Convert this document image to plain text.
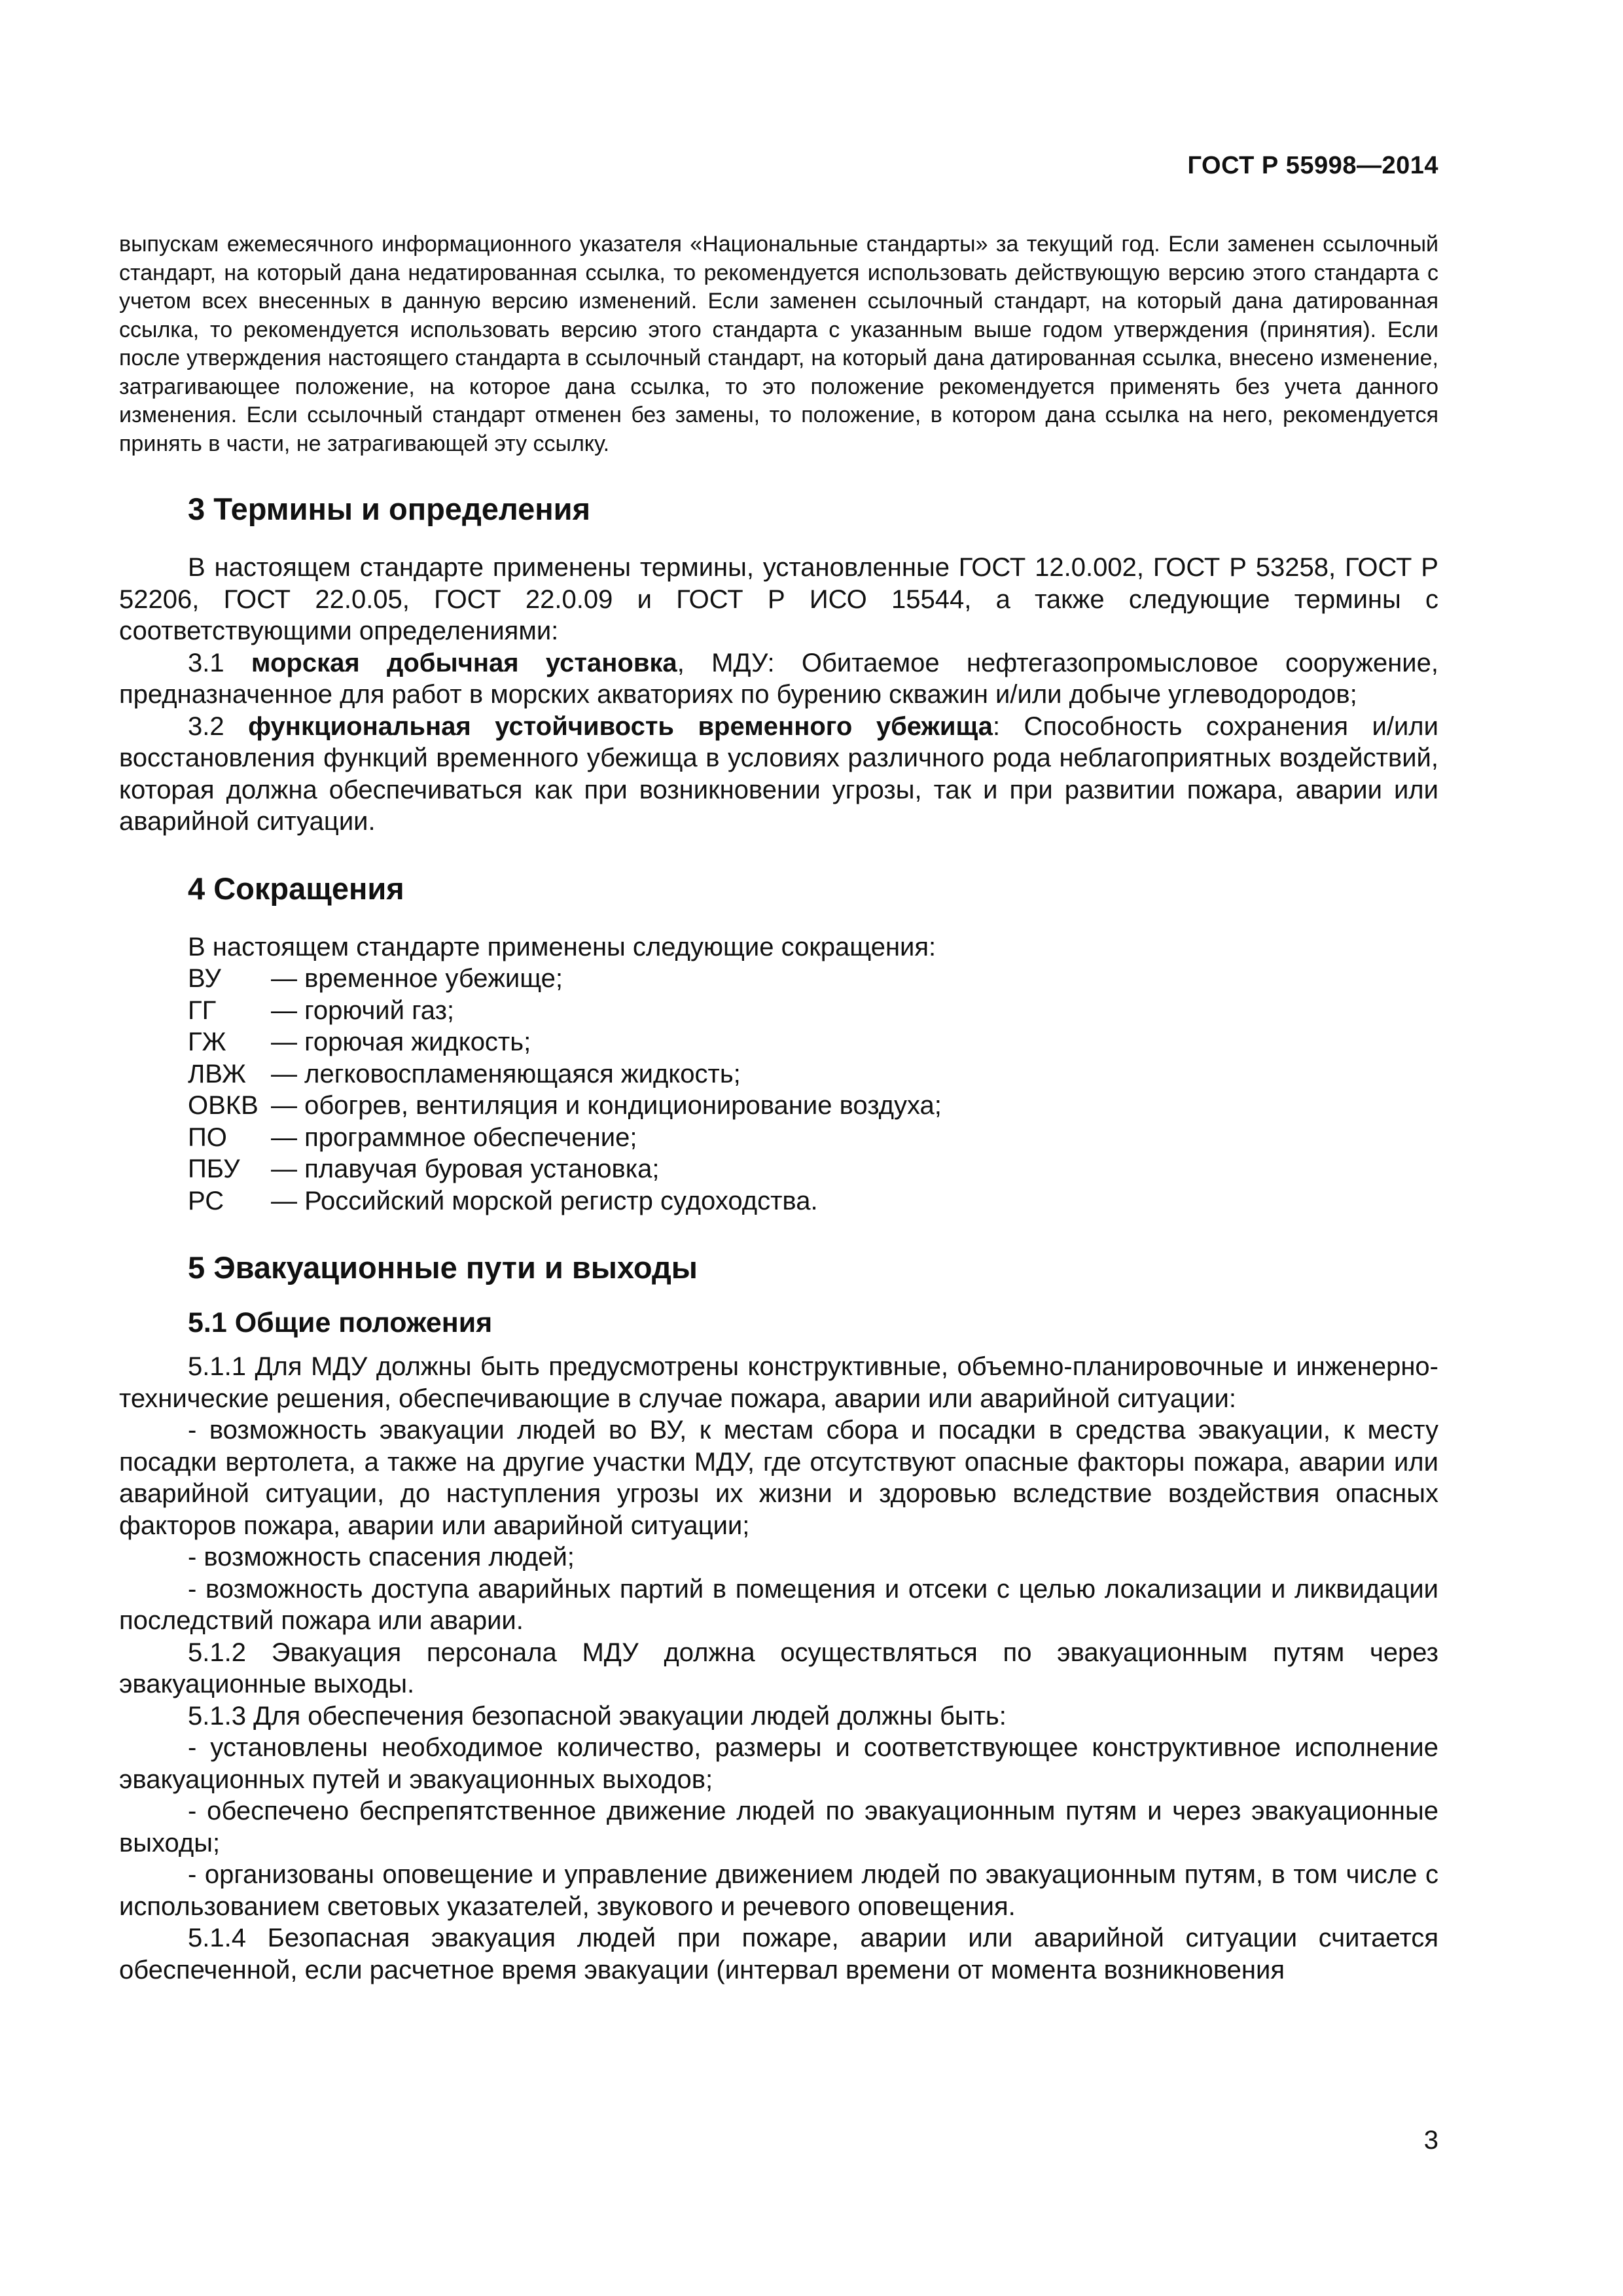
ГОСТ Р 55998—2014

выпускам ежемесячного информационного указателя «Национальные стандарты» за текущий год. Если заменен ссылочный стандарт, на который дана недатированная ссылка, то рекомендуется использовать действующую версию этого стандарта с учетом всех внесенных в данную версию изменений. Если заменен ссылочный стандарт, на который дана датированная ссылка, то рекомендуется использовать версию этого стандарта с указанным выше годом утверждения (принятия). Если после утверждения настоящего стандарта в ссылочный стандарт, на который дана датированная ссылка, внесено изменение, затрагивающее положение, на которое дана ссылка, то это положение рекомендуется применять без учета данного изменения. Если ссылочный стандарт отменен без замены, то положение, в котором дана ссылка на него, рекомендуется принять в части, не затрагивающей эту ссылку.

3 Термины и определения

В настоящем стандарте применены термины, установленные ГОСТ 12.0.002, ГОСТ Р 53258, ГОСТ Р 52206, ГОСТ 22.0.05, ГОСТ 22.0.09 и ГОСТ Р ИСО 15544, а также следующие термины с соответствующими определениями:

3.1 морская добычная установка, МДУ: Обитаемое нефтегазопромысловое сооружение, предназначенное для работ в морских акваториях по бурению скважин и/или добыче углеводородов;

3.2 функциональная устойчивость временного убежища: Способность сохранения и/или восстановления функций временного убежища в условиях различного рода неблагоприятных воздействий, которая должна обеспечиваться как при возникновении угрозы, так и при развитии пожара, аварии или аварийной ситуации.

4 Сокращения

В настоящем стандарте применены следующие сокращения:

ВУ	— временное убежище;
ГГ	— горючий газ;
ГЖ	— горючая жидкость;
ЛВЖ — легковоспламеняющаяся жидкость;
ОВКВ — обогрев, вентиляция и кондиционирование воздуха;
ПО	— программное обеспечение;
ПБУ	— плавучая буровая установка;
РС	— Российский морской регистр судоходства.
5 Эвакуационные пути и выходы
5.1 Общие положения

5.1.1 Для МДУ должны быть предусмотрены конструктивные, объемно-планировочные и инженерно-технические решения, обеспечивающие в случае пожара, аварии или аварийной ситуации:

- возможность эвакуации людей во ВУ, к местам сбора и посадки в средства эвакуации, к месту посадки вертолета, а также на другие участки МДУ, где отсутствуют опасные факторы пожара, аварии или аварийной ситуации, до наступления угрозы их жизни и здоровью вследствие воздействия опасных факторов пожара, аварии или аварийной ситуации;

- возможность спасения людей;

- возможность доступа аварийных партий в помещения и отсеки с целью локализации и ликвидации последствий пожара или аварии.

5.1.2 Эвакуация персонала МДУ должна осуществляться по эвакуационным путям через эвакуационные выходы.

5.1.3 Для обеспечения безопасной эвакуации людей должны быть:

- установлены необходимое количество, размеры и соответствующее конструктивное исполнение эвакуационных путей и эвакуационных выходов;

- обеспечено беспрепятственное движение людей по эвакуационным путям и через эвакуационные выходы;

- организованы оповещение и управление движением людей по эвакуационным путям, в том числе с использованием световых указателей, звукового и речевого оповещения.

5.1.4 Безопасная эвакуация людей при пожаре, аварии или аварийной ситуации считается обеспеченной, если расчетное время эвакуации (интервал времени от момента возникновения

3
